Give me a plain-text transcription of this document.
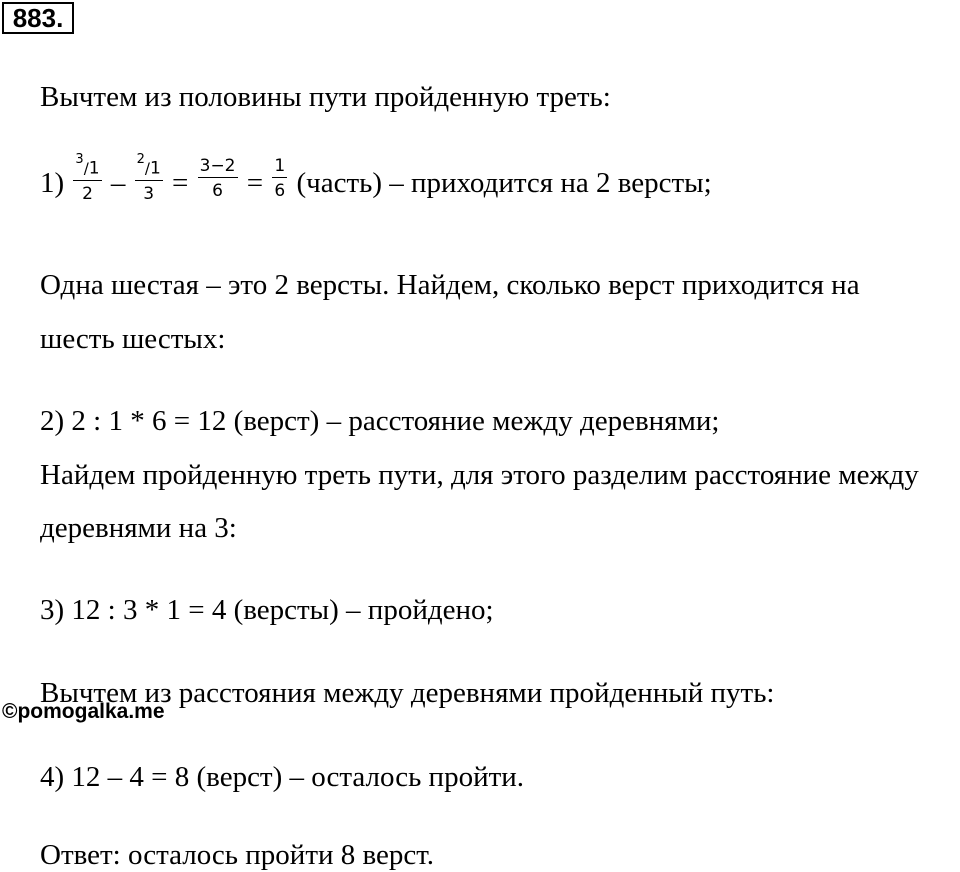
883.
Вычтем из половины пути пройденную треть:
$1) \frac{^3/1}{2} - \frac{^2/1}{3} = \frac{3-2}{6} = \frac{1}{6}$ (часть) – приходится на 2 версты;
Одна шестая – это 2 версты. Найдем, сколько верст приходится на
шесть шестых:
2) 2 : 1 * 6 = 12 (верст) – расстояние между деревнями;
Найдем пройденную треть пути, для этого разделим расстояние между
деревнями на 3:
3) 12 : 3 * 1 = 4 (версты) – пройдено;
Вычтем из расстояния между деревнями пройденный путь:
©pomogalka.me
4) 12 – 4 = 8 (верст) – осталось пройти.
Ответ: осталось пройти 8 верст.
